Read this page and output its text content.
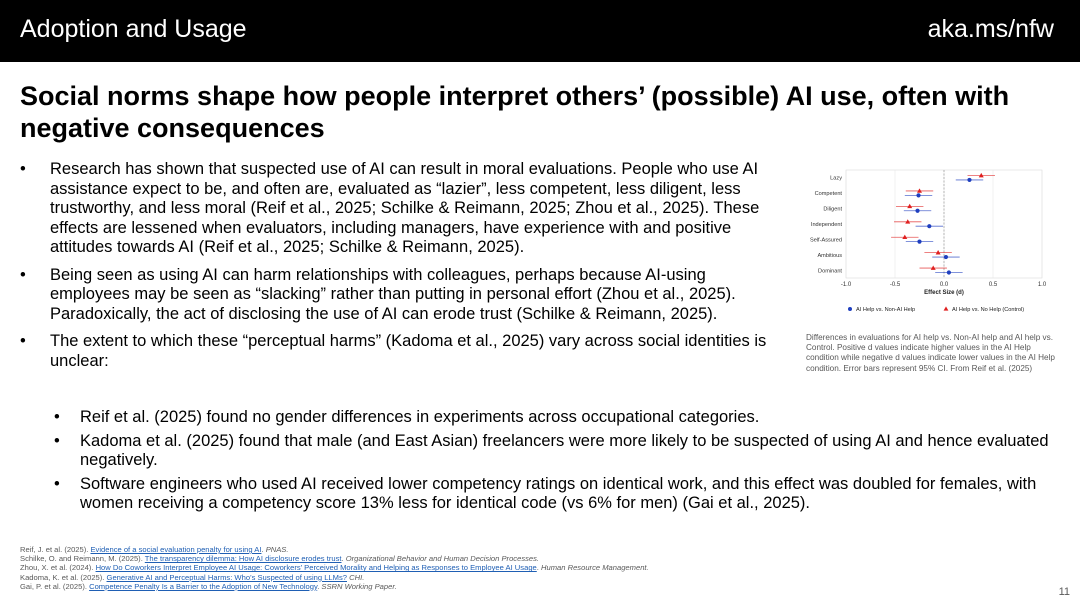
Adoption and Usage	aka.ms/nfw
Social norms shape how people interpret others’ (possible) AI use, often with negative consequences
• Research has shown that suspected use of AI can result in moral evaluations. People who use AI assistance expect to be, and often are, evaluated as “lazier”, less competent, less diligent, less trustworthy, and less moral (Reif et al., 2025; Schilke & Reimann, 2025; Zhou et al., 2025). These effects are lessened when evaluators, including managers, have experience with and positive attitudes towards AI (Reif et al., 2025; Schilke & Reimann, 2025).
• Being seen as using AI can harm relationships with colleagues, perhaps because AI-using employees may be seen as “slacking” rather than putting in personal effort (Zhou et al., 2025). Paradoxically, the act of disclosing the use of AI can erode trust (Schilke & Reimann, 2025).
• The extent to which these “perceptual harms” (Kadoma et al., 2025) vary across social identities is unclear:
• Reif et al. (2025) found no gender differences in experiments across occupational categories.
• Kadoma et al. (2025) found that male (and East Asian) freelancers were more likely to be suspected of using AI and hence evaluated negatively.
• Software engineers who used AI received lower competency ratings on identical work, and this effect was doubled for females, with women receiving a competency score 13% less for identical code (vs 6% for men) (Gai et al., 2025).
-1.0	-0.5	0.0	0.5	1.0
Lazy
Competent
Diligent
Independent
Self-Assured
Ambitious
Dominant
Effect Size (d)
AI Help vs. Non-AI Help	AI Help vs. No Help (Control)
Differences in evaluations for AI help vs. Non-AI help and AI help vs. Control. Positive d values indicate higher values in the AI Help condition while negative d values indicate lower values in the AI Help condition. Error bars represent 95% CI. From Reif et al. (2025)
Reif, J. et al. (2025). Evidence of a social evaluation penalty for using AI. PNAS.
Schilke, O. and Reimann, M. (2025). The transparency dilemma: How AI disclosure erodes trust. Organizational Behavior and Human Decision Processes.
Zhou, X. et al. (2024). How Do Coworkers Interpret Employee AI Usage: Coworkers’ Perceived Morality and Helping as Responses to Employee AI Usage. Human Resource Management.
Kadoma, K. et al. (2025). Generative AI and Perceptual Harms: Who’s Suspected of using LLMs? CHI.
Gai, P. et al. (2025). Competence Penalty Is a Barrier to the Adoption of New Technology. SSRN Working Paper.	11
